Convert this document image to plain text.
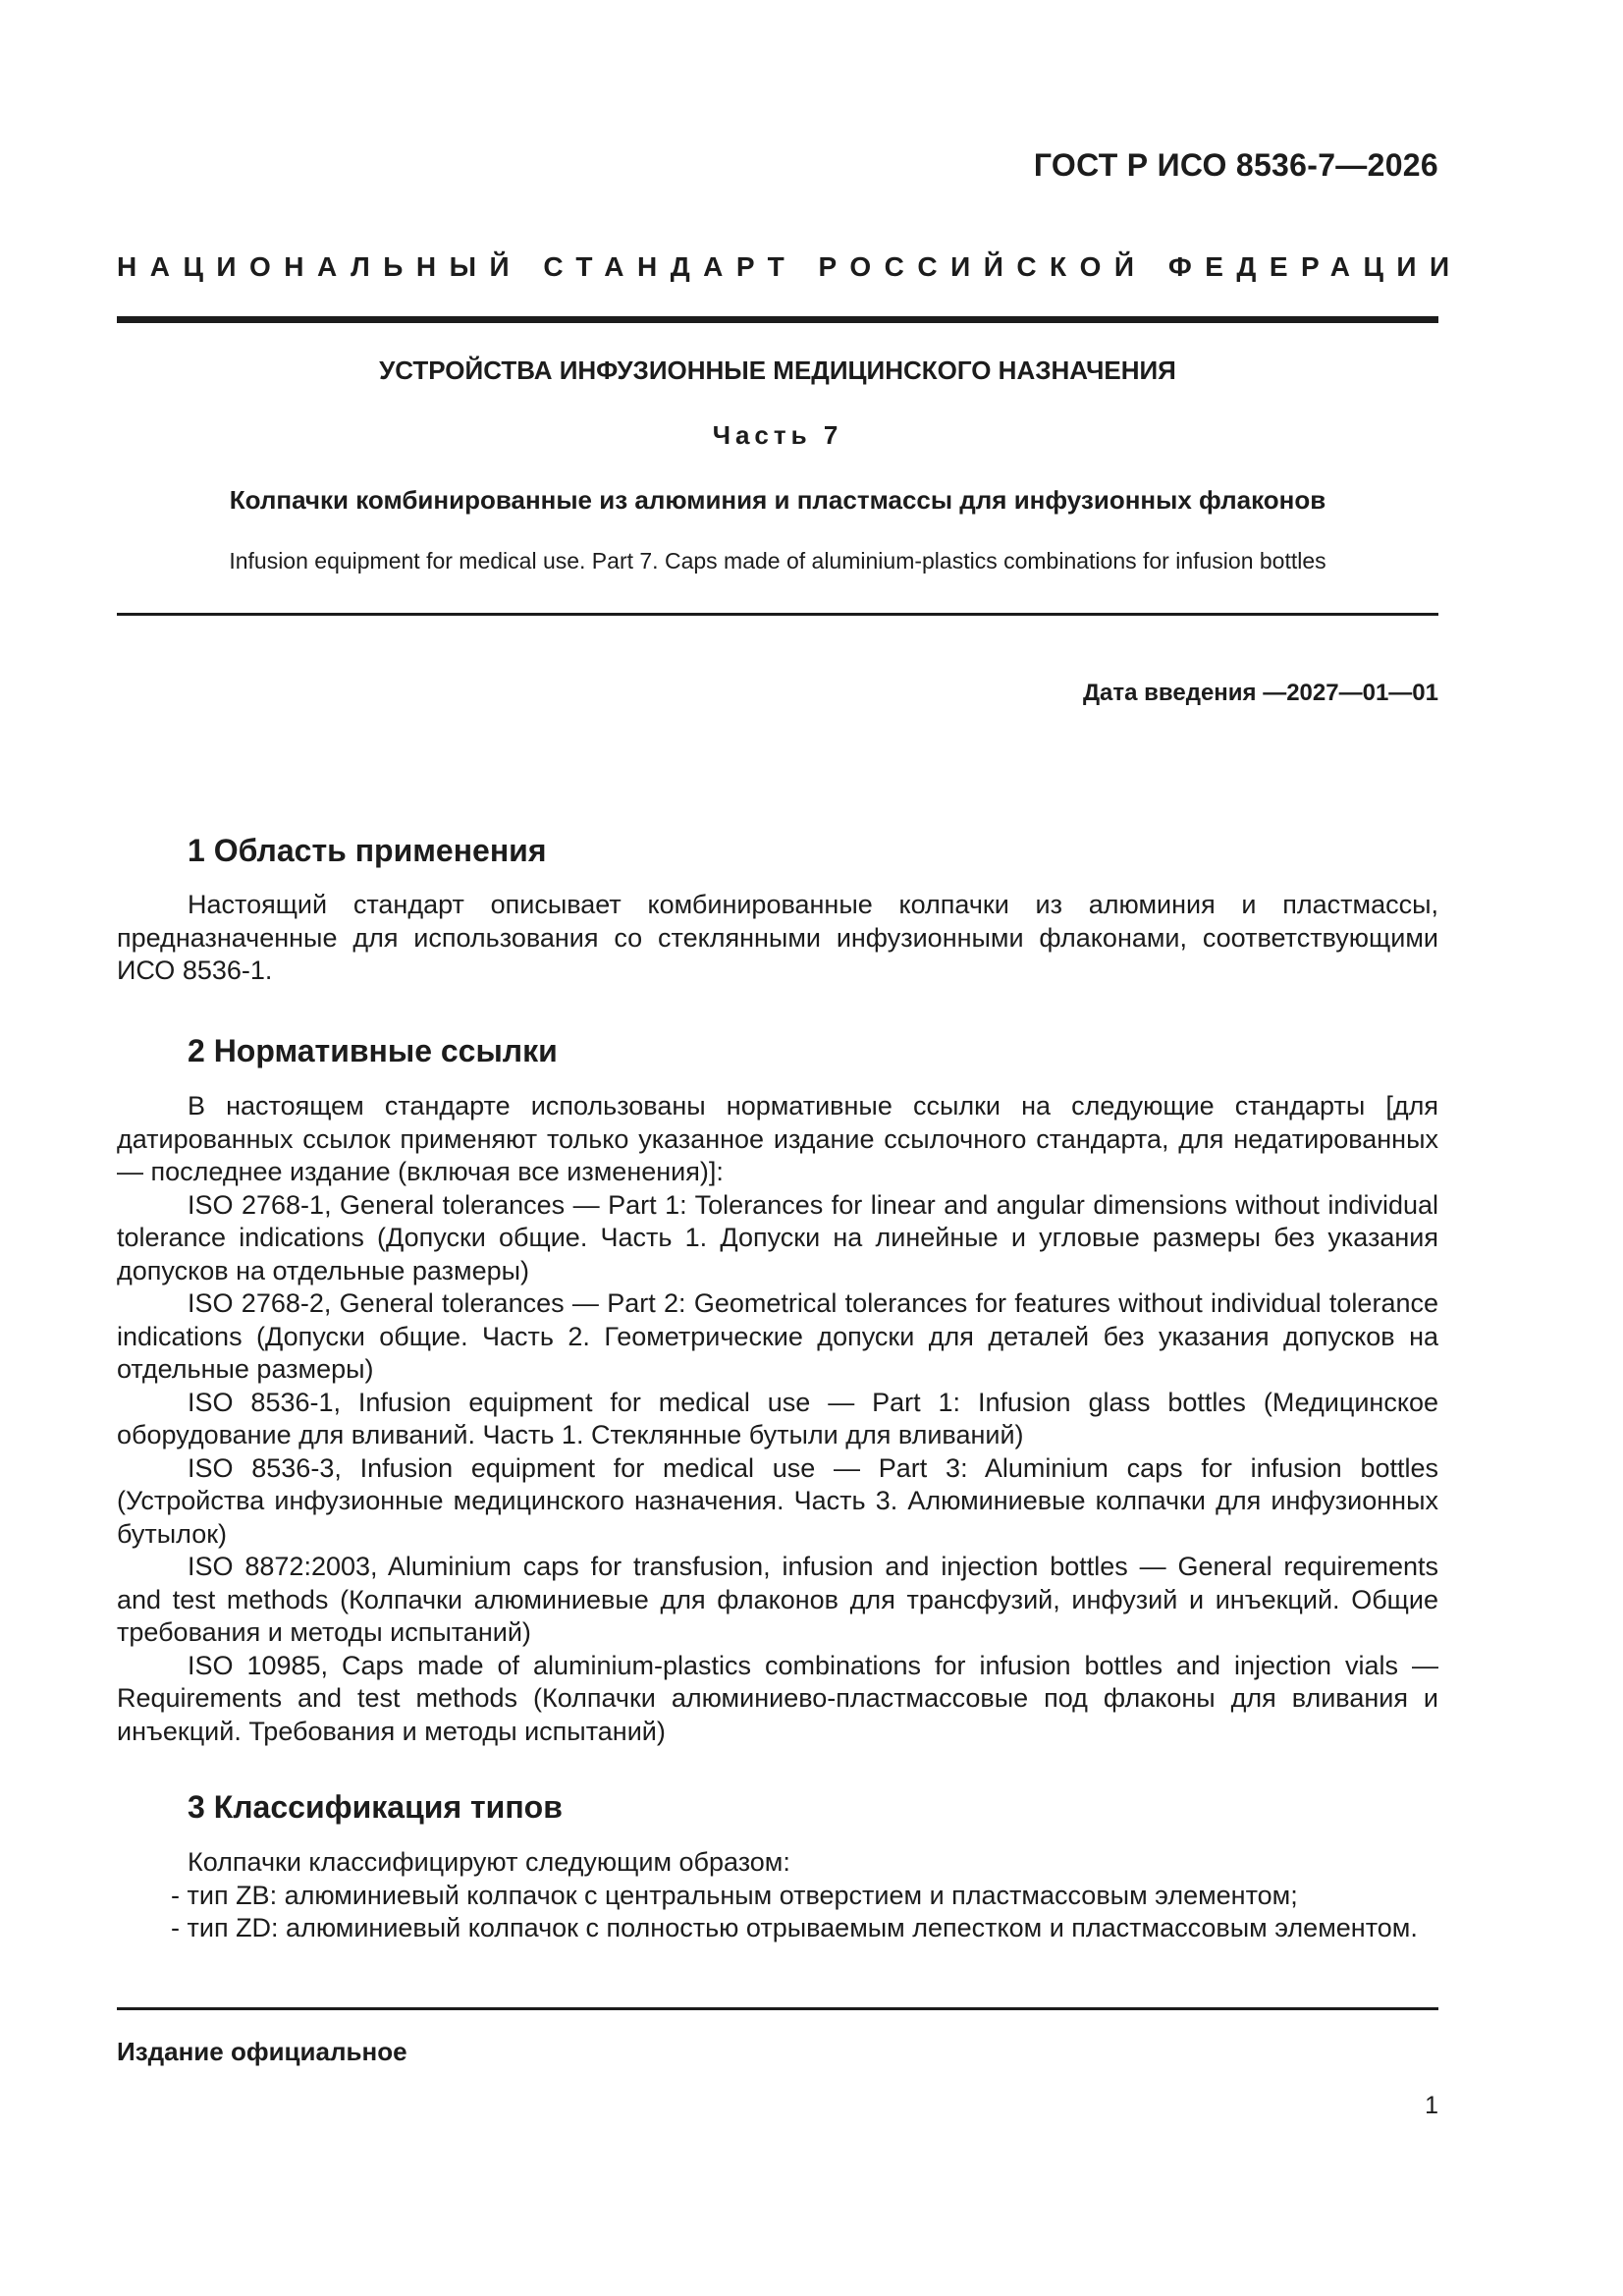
ГОСТ Р ИСО 8536-7—2026
НАЦИОНАЛЬНЫЙ СТАНДАРТ РОССИЙСКОЙ ФЕДЕРАЦИИ
УСТРОЙСТВА ИНФУЗИОННЫЕ МЕДИЦИНСКОГО НАЗНАЧЕНИЯ
Часть 7
Колпачки комбинированные из алюминия и пластмассы для инфузионных флаконов
Infusion equipment for medical use. Part 7. Caps made of aluminium-plastics combinations for infusion bottles
Дата введения —2027—01—01
1 Область применения

Настоящий стандарт описывает комбинированные колпачки из алюминия и пластмассы, предназначенные для использования со стеклянными инфузионными флаконами, соответствующими ИСО 8536-1.

2 Нормативные ссылки

В настоящем стандарте использованы нормативные ссылки на следующие стандарты [для датированных ссылок применяют только указанное издание ссылочного стандарта, для недатированных — последнее издание (включая все изменения)]:

ISO 2768-1, General tolerances — Part 1: Tolerances for linear and angular dimensions without individual tolerance indications (Допуски общие. Часть 1. Допуски на линейные и угловые размеры без указания допусков на отдельные размеры)

ISO 2768-2, General tolerances — Part 2: Geometrical tolerances for features without individual tolerance indications (Допуски общие. Часть 2. Геометрические допуски для деталей без указания допусков на отдельные размеры)

ISO 8536-1, Infusion equipment for medical use — Part 1: Infusion glass bottles (Медицинское оборудование для вливаний. Часть 1. Стеклянные бутыли для вливаний)

ISO 8536-3, Infusion equipment for medical use — Part 3: Aluminium caps for infusion bottles (Устройства инфузионные медицинского назначения. Часть 3. Алюминиевые колпачки для инфузионных бутылок)

ISO 8872:2003, Aluminium caps for transfusion, infusion and injection bottles — General requirements and test methods (Колпачки алюминиевые для флаконов для трансфузий, инфузий и инъекций. Общие требования и методы испытаний)

ISO 10985, Caps made of aluminium-plastics combinations for infusion bottles and injection vials — Requirements and test methods (Колпачки алюминиево-пластмассовые под флаконы для вливания и инъекций. Требования и методы испытаний)

3 Классификация типов

Колпачки классифицируют следующим образом:

- тип ZB: алюминиевый колпачок с центральным отверстием и пластмассовым элементом;

- тип ZD: алюминиевый колпачок с полностью отрываемым лепестком и пластмассовым элементом.

Издание официальное
1
